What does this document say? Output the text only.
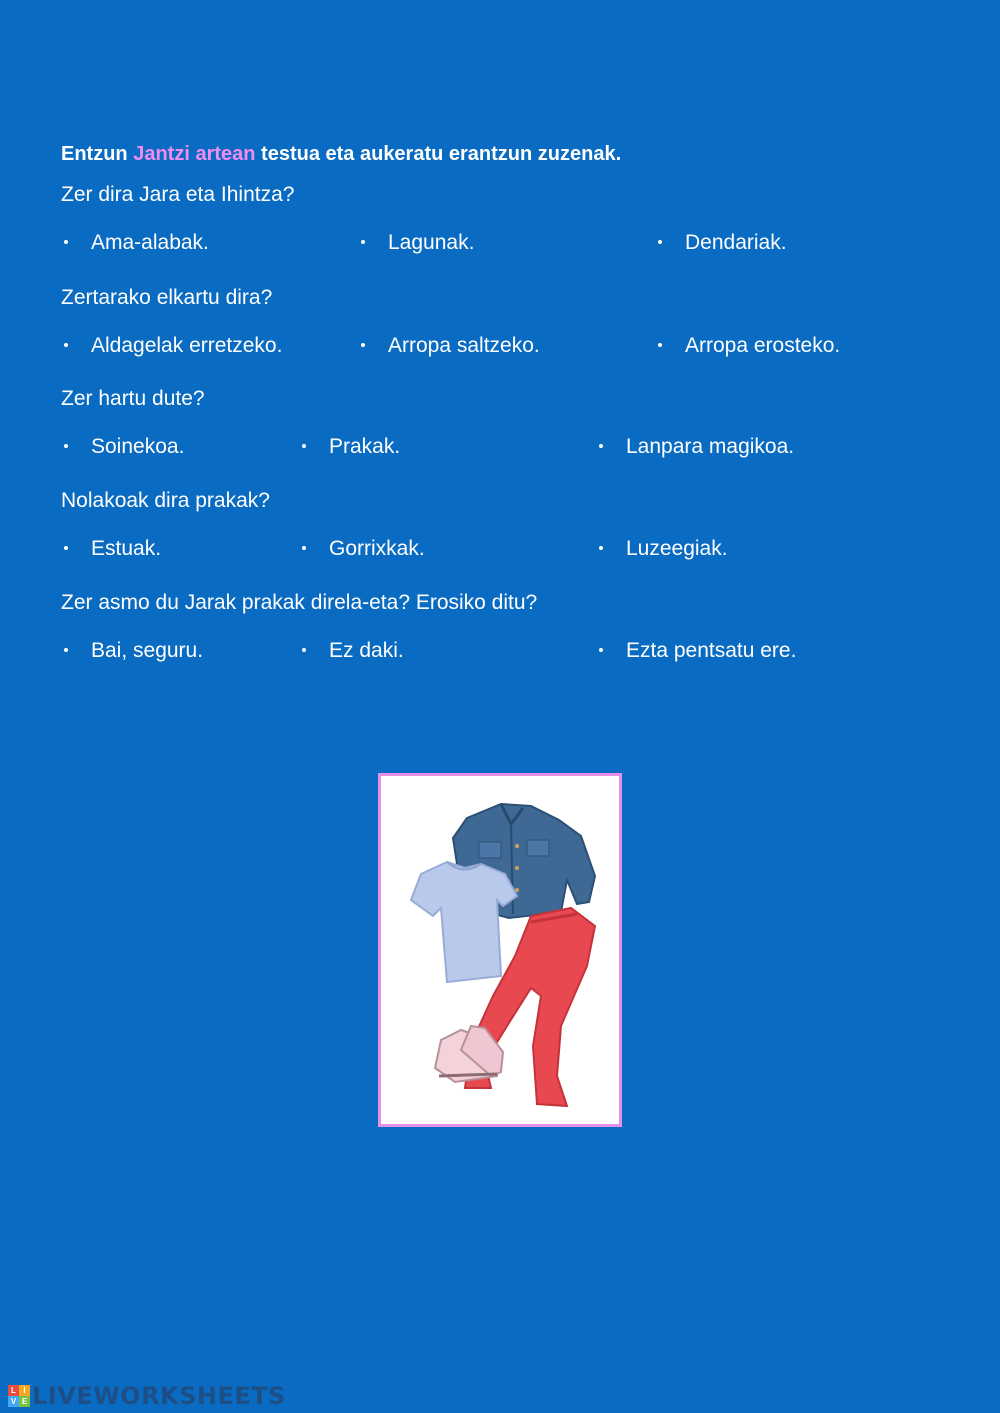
Entzun Jantzi artean testua eta aukeratu erantzun zuzenak.

Zer dira Jara eta Ihintza?

Ama-alabak.	Lagunak.	Dendariak.

Zertarako elkartu dira?

Aldagelak erretzeko.	Arropa saltzeko.	Arropa erosteko.

Zer hartu dute?

Soinekoa.	Prakak.	Lanpara magikoa.

Nolakoak dira prakak?

Estuak.	Gorrixkak.	Luzeegiak.

Zer asmo du Jarak prakak direla-eta? Erosiko ditu?

Bai, seguru.	Ez daki.	Ezta pentsatu ere.
L I
V E LIVEWORKSHEETS
